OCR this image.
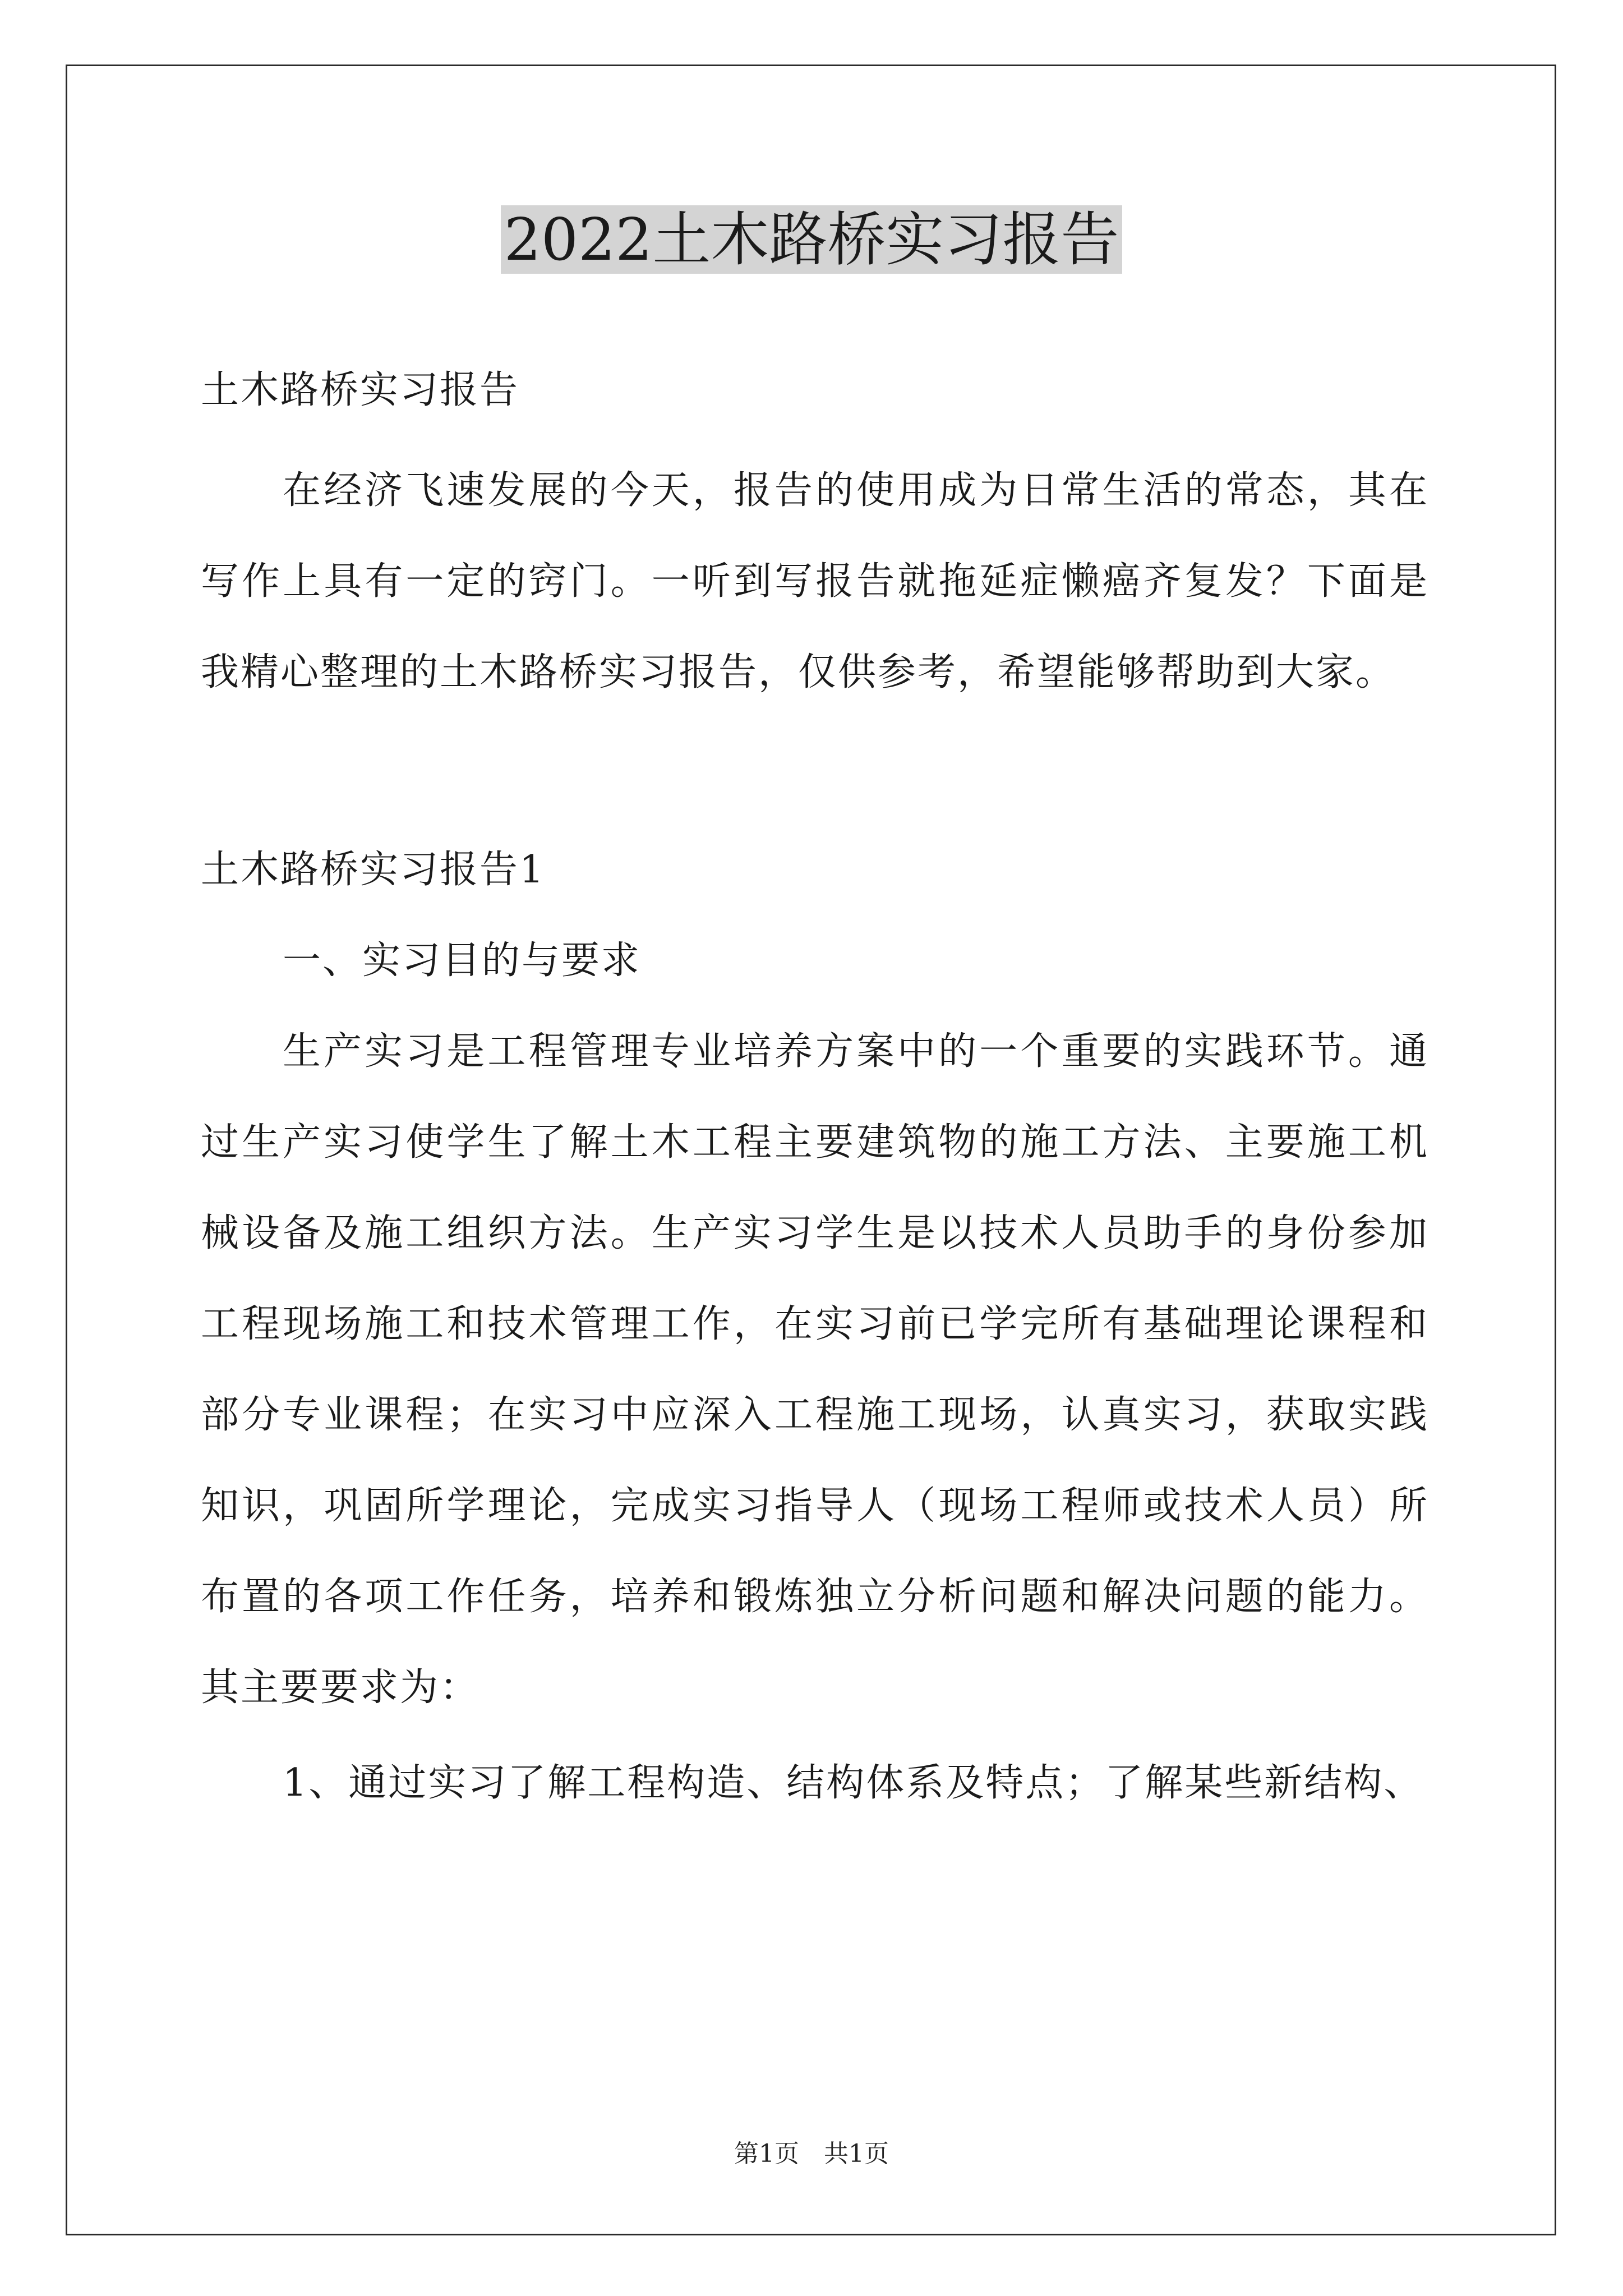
2022土木路桥实习报告

土木路桥实习报告

在经济飞速发展的今天，报告的使用成为日常生活的常态，其在写作上具有一定的窍门。一听到写报告就拖延症懒癌齐复发？下面是我精心整理的土木路桥实习报告，仅供参考，希望能够帮助到大家。

土木路桥实习报告1

一、实习目的与要求

生产实习是工程管理专业培养方案中的一个重要的实践环节。通过生产实习使学生了解土木工程主要建筑物的施工方法、主要施工机械设备及施工组织方法。生产实习学生是以技术人员助手的身份参加工程现场施工和技术管理工作，在实习前已学完所有基础理论课程和部分专业课程；在实习中应深入工程施工现场，认真实习，获取实践知识，巩固所学理论，完成实习指导人（现场工程师或技术人员）所布置的各项工作任务，培养和锻炼独立分析问题和解决问题的能力。其主要要求为：

1、通过实习了解工程构造、结构体系及特点；了解某些新结构、

第1页　共1页
